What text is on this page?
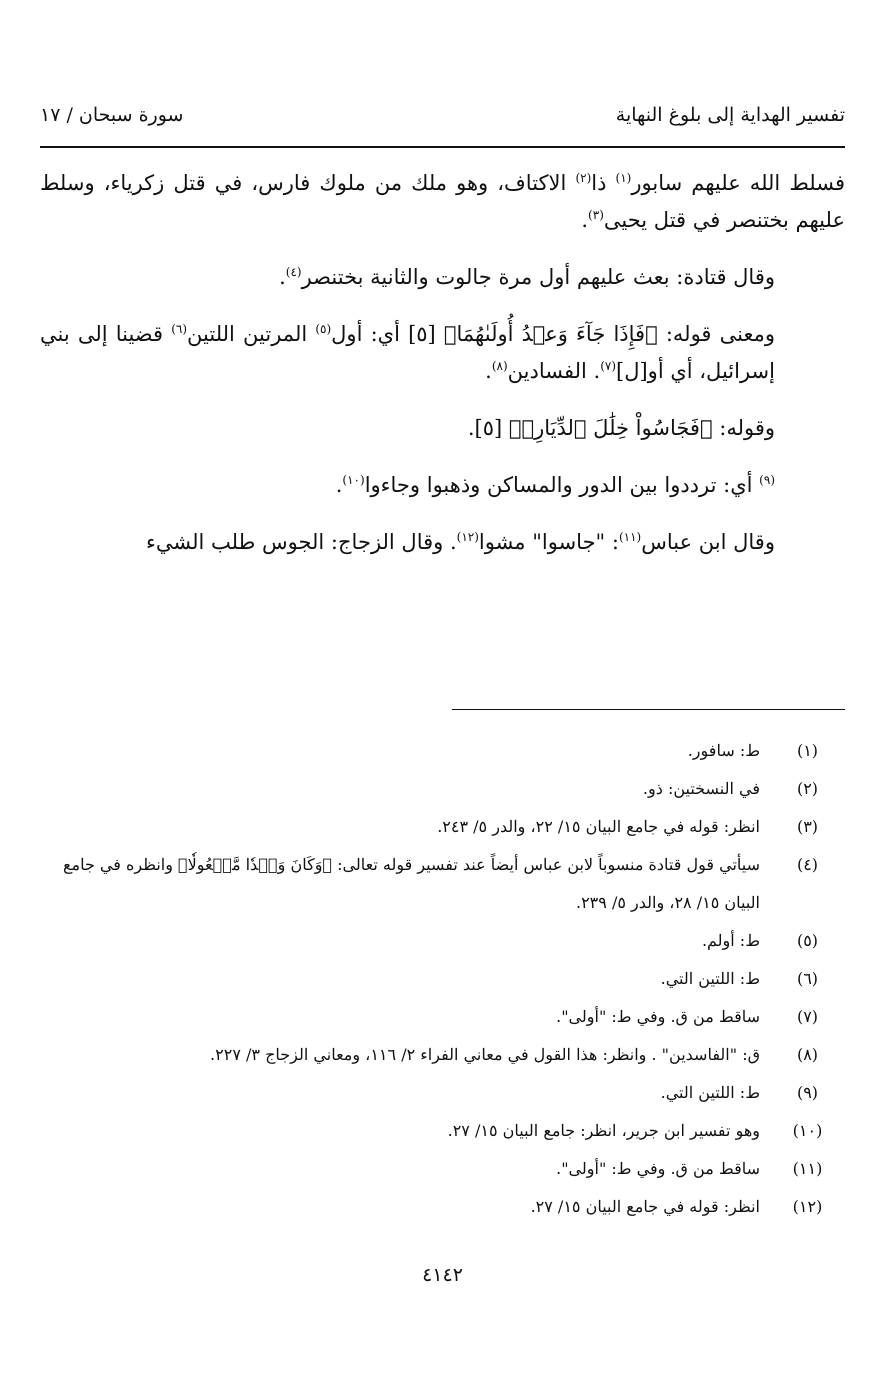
تفسير الهداية إلى بلوغ النهاية
سورة سبحان / ١٧

فسلط الله عليهم سابور$^{(١)}$ ذا$^{(٢)}$ الاكتاف، وهو ملك من ملوك فارس، في قتل زكرياء، وسلط عليهم بختنصر في قتل يحيى$^{(٣)}$.

وقال قتادة: بعث عليهم أول مرة جالوت والثانية بختنصر$^{(٤)}$.

ومعنى قوله: ﴿فَإِذَا جَآءَ وَعۡدُ أُولَىٰهُمَا﴾ [٥] أي: أول$^{(٥)}$ المرتين اللتين$^{(٦)}$ قضينا إلى بني إسرائيل، أي أو[ل]$^{(٧)}$. الفسادين$^{(٨)}$.

وقوله: ﴿فَجَاسُواْ خِلَٰلَ ٱلدِّيَارِۚ﴾ [٥].

$^{(٩)}$ أي: ترددوا بين الدور والمساكن وذهبوا وجاءوا$^{(١٠)}$.

وقال ابن عباس$^{(١١)}$: "جاسوا" مشوا$^{(١٢)}$. وقال الزجاج: الجوس طلب الشيء

(١)
ط: سافور.
(٢)
في النسختين: ذو.
(٣)
انظر: قوله في جامع البيان ١٥/ ٢٢، والدر ٥/ ٢٤٣.
(٤)
سيأتي قول قتادة منسوباً لابن عباس أيضاً عند تفسير قوله تعالى: ﴿وَكَانَ وَعۡدٗا مَّفۡعُولٗا﴾ وانظره في جامع البيان ١٥/ ٢٨، والدر ٥/ ٢٣٩.
(٥)
ط: أولم.
(٦)
ط: اللتين التي.
(٧)
ساقط من ق. وفي ط: "أولى".
(٨)
ق: "الفاسدين" . وانظر: هذا القول في معاني الفراء ٢/ ١١٦، ومعاني الزجاج ٣/ ٢٢٧.
(٩)
ط: اللتين التي.
(١٠)
وهو تفسير ابن جرير، انظر: جامع البيان ١٥/ ٢٧.
(١١)
ساقط من ق. وفي ط: "أولى".
(١٢)
انظر: قوله في جامع البيان ١٥/ ٢٧.
٤١٤٢
